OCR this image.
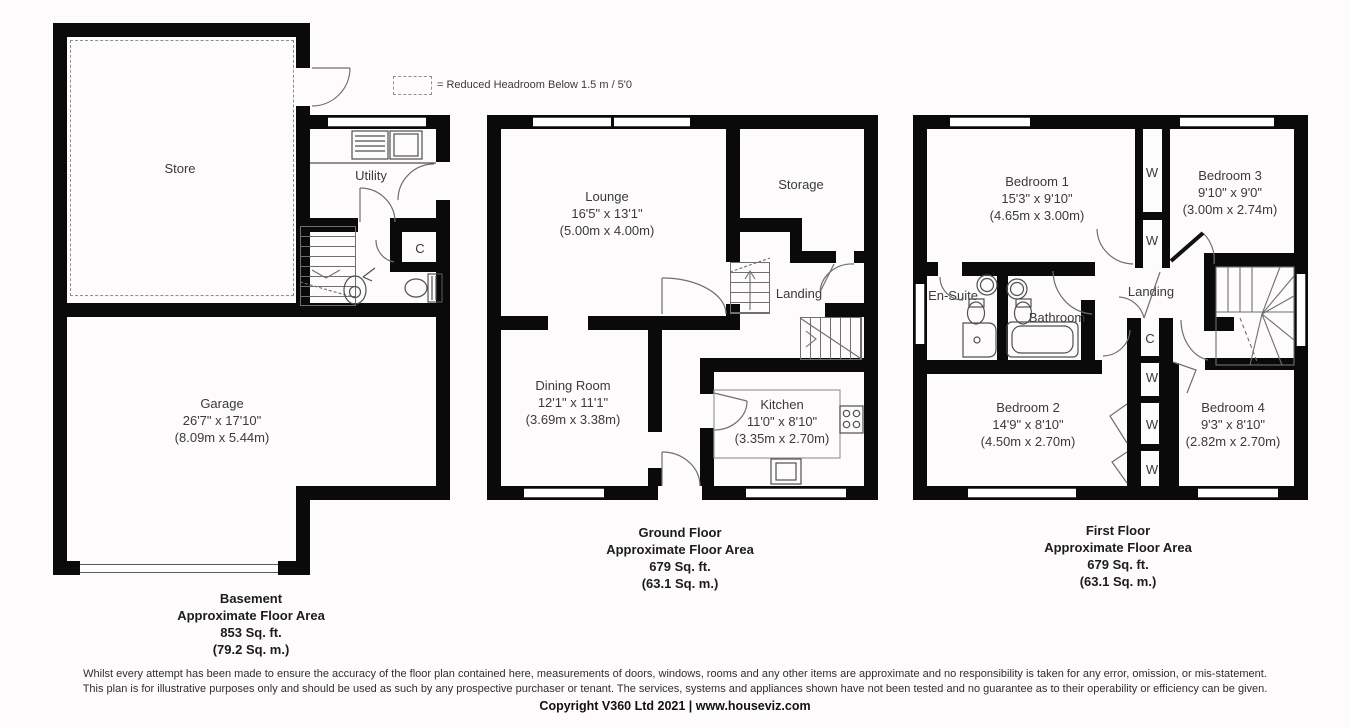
= Reduced Headroom Below 1.5 m / 5'0
Store	Utility
C
Garage
26'7" x 17'10"
(8.09m x 5.44m)
Basement
Approximate Floor Area
853 Sq. ft.
(79.2 Sq. m.)
Lounge
16'5" x 13'1"
(5.00m x 4.00m)
Storage
Landing
Dining Room
12'1" x 11'1"
(3.69m x 3.38m)
Kitchen
11'0" x 8'10"
(3.35m x 2.70m)
Ground Floor
Approximate Floor Area
679 Sq. ft.
(63.1 Sq. m.)
Bedroom 1
15'3" x 9'10"
(4.65m x 3.00m)
Bedroom 3
9'10" x 9'0"
(3.00m x 2.74m)
En-Suite
Bathroom
Landing
C
W
W
W
W
W
Bedroom 2
14'9" x 8'10"
(4.50m x 2.70m)
Bedroom 4
9'3" x 8'10"
(2.82m x 2.70m)
First Floor
Approximate Floor Area
679 Sq. ft.
(63.1 Sq. m.)
Whilst every attempt has been made to ensure the accuracy of the floor plan contained here, measurements of doors, windows, rooms and any other items are approximate and no responsibility is taken for any error, omission, or mis-statement.
This plan is for illustrative purposes only and should be used as such by any prospective purchaser or tenant. The services, systems and appliances shown have not been tested and no guarantee as to their operability or efficiency can be given.
Copyright V360 Ltd 2021 | www.houseviz.com
